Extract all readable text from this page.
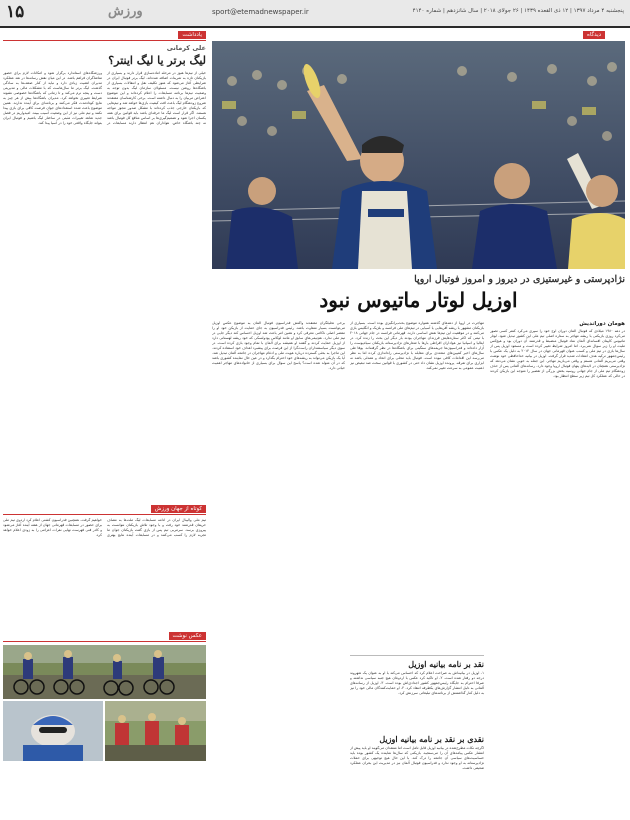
۱۵	ورزش	sport@etemadnewspaper.ir	پنجشنبه ۴ مرداد ۱۳۹۷ | ۱۲ ذی القعده ۱۴۳۹ | ۲۶ جولای ۲۰۱۸ | سال شانزدهم | شماره ۴۱۴۰
یادداشت
علی کرمانی
لیگ برتر یا لیگ اینتر؟

خیلی از تیم‌ها هنوز در مرحله آماده‌سازی قرار دارند و بسیاری از بازیکنان تازه به تمرینات اضافه شده‌اند. لیگ برتر فوتبال ایران در شرایطی آغاز می‌شود که هنوز تکلیف نقل و انتقالات بسیاری از باشگاه‌ها روشن نیست. مسئولان سازمان لیگ بدون توجه به وضعیت تیم‌ها برنامه مسابقات را اعلام کرده‌اند و این موضوع اعتراض مربیان را به دنبال داشته است. برخی کارشناسان معتقدند شروع زودهنگام لیگ باعث افت کیفیت بازی‌ها خواهد شد و تیم‌هایی که بازیکنان خارجی جذب کرده‌اند با مشکل صدور مجوز مواجه هستند. اگر قرار است لیگ ما حرفه‌ای باشد باید قوانین برای همه یکسان اجرا شود و تصمیم‌گیری‌ها بر اساس منافع کل فوتبال باشد نه چند باشگاه خاص. هواداران هم انتظار دارند مسابقات در ورزشگاه‌های استاندارد برگزار شود و امکانات لازم برای حضور تماشاگران فراهم باشد. در این میان نقش رسانه‌ها در نقد عملکرد مدیران اهمیت زیادی دارد و نباید از کنار ضعف‌ها به سادگی گذشت. لیگ برتر ما سال‌هاست که با مشکلات مالی و مدیریتی دست و پنجه نرم می‌کند و تا زمانی که باشگاه‌ها خصوصی نشوند شرایط تغییری نخواهد کرد. مدیران باشگاه‌ها بیش از هر چیز به نتایج کوتاه‌مدت فکر می‌کنند و برنامه‌ای برای آینده ندارند. همین موضوع باعث شده استعدادهای جوان فرصت کافی برای بازی پیدا نکنند و تیم ملی نیز از این وضعیت آسیب ببیند. امیدواریم در فصل جدید شاهد تغییرات مثبتی در ساختار لیگ باشیم و فوتبال ایران بتواند جایگاه واقعی خود را در آسیا پیدا کند.

کوتاه از جهان ورزش

تیم ملی والیبال ایران در ادامه مسابقات لیگ ملت‌ها به مصاف حریفان قدرتمند خود رفت و با وجود تلاش بازیکنان نتوانست به پیروزی برسد. سرمربی تیم پس از بازی گفت بازیکنان جوان ما تجربه لازم را کسب می‌کنند و در مسابقات آینده نتایج بهتری خواهیم گرفت. همچنین فدراسیون کشتی اعلام کرد اردوی تیم ملی برای حضور در مسابقات قهرمانی جهان از هفته آینده آغاز می‌شود و کادر فنی فهرست نهایی نفرات اعزامی را به زودی اعلام خواهد کرد.

عکس نوشت
دیدگاه
نژادپرستی و غیرستیزی در دیروز و امروز فوتبال اروپا
اوزیل لوتار ماتیوس نبود
هومان دورانديش

در دهه ۱۹۸۰ میلادی که فوتبال آلمان دوران اوج خود را سپری می‌کرد کمتر کسی تصور می‌کرد روزی بازیکنی با ریشه مهاجر به ستاره اصلی تیم ملی این کشور تبدیل شود. لوتار ماتیوس کاپیتان افسانه‌ای آلمان نماد فوتبال منضبط و قدرتمند آن دوران بود و هیچ‌کس ملیت او را زیر سوال نمی‌برد. اما امروز شرایط تغییر کرده است و مسعود اوزیل پس از سال‌ها بازی در تیم ملی و کسب عنوان قهرمانی جهان در سال ۲۰۱۴ به دلیل یک عکس با رئیس‌جمهور ترکیه هدف انتقادات شدید قرار گرفت. اوزیل در بیانیه خداحافظی خود نوشت وقتی می‌بریم آلمانی هستم و وقتی می‌بازیم مهاجر. این جمله به خوبی نشان می‌دهد که نژادپرستی همچنان در لایه‌های پنهان فوتبال اروپا وجود دارد. رسانه‌های آلمانی پس از حذف زودهنگام تیم ملی از جام جهانی روسیه بخش بزرگی از تقصیر را متوجه این بازیکن کردند در حالی که عملکرد کل تیم زیر سطح انتظار بود.

مهاجرت در اروپا از دهه‌های گذشته همواره موضوع بحث‌برانگیزی بوده است. بسیاری از بازیکنان مشهور با ریشه آفریقایی یا آسیایی در تیم‌های ملی فرانسه و بلژیک و انگلیس بازی می‌کنند و در موفقیت این تیم‌ها نقش اساسی دارند. قهرمانی فرانسه در جام جهانی ۲۰۱۸ با تیمی که اکثر ستاره‌هایش فرزندان مهاجران بودند بار دیگر این بحث را زنده کرد. در ایتالیا و اسپانیا نیز هواداران افراطی بارها با شعارهای نژادپرستانه بازیکنان سیاه‌پوست را آزار داده‌اند و فدراسیون‌ها جریمه‌های سنگینی برای باشگاه‌ها در نظر گرفته‌اند. یوفا طی سال‌های اخیر کمپین‌های متعددی برای مقابله با نژادپرستی راه‌اندازی کرده اما به نظر می‌رسد این اقدامات کافی نبوده است. فوتبال باید محلی برای اتحاد و همدلی باشد نه ابزاری برای تفرقه. پرونده اوزیل نشان داد حتی در کشوری با قوانین سخت ضد تبعیض نیز ذهنیت عمومی به سرعت تغییر نمی‌کند.

برخی تحلیلگران معتقدند واکنش فدراسیون فوتبال آلمان به موضوع عکس اوزیل می‌توانست بسیار متفاوت باشد. رئیس فدراسیون به جای حمایت از بازیکن خود او را مقصر اصلی ناکامی معرفی کرد و همین امر باعث شد اوزیل احساس کند دیگر جایی در تیم ملی ندارد. هم‌تیمی‌های سابق او مانند لوکاس پودولسکی که خود ریشه لهستانی دارد از اوزیل حمایت کردند و گفتند او همیشه برای آلمان با تمام وجود بازی کرده است. در سوی دیگر سیاستمداران راست‌گرا از این فرصت برای پیشبرد اهداف خود استفاده کردند. این ماجرا به بحثی گسترده درباره هویت ملی و ادغام مهاجران در جامعه آلمان تبدیل شد. آیا یک بازیکن می‌تواند به ریشه‌های خود احترام بگذارد و در عین حال نماینده کشوری باشد که در آن متولد شده است؟ پاسخ این سوال برای بسیاری از خانواده‌های مهاجر اهمیت حیاتی دارد.

نقد بر نامه بیانیه اوزیل

۱- اوزیل در بیانیه‌اش به صراحت اعلام کرد که احساس می‌کند با او به عنوان یک شهروند درجه دو رفتار شده است. ۲- او تاکید کرد عکس با اردوغان هیچ جنبه سیاسی نداشته و صرفا احترام به جایگاه رئیس‌جمهور کشور اجدادی‌اش بوده است. ۳- اوزیل از رسانه‌های آلمانی به دلیل انتشار گزارش‌های یکطرفه انتقاد کرد. ۴- او حمایت‌کنندگان مالی خود را نیز به دلیل کنار گذاشتنش از برنامه‌های تبلیغاتی سرزنش کرد.

نقدی بر نقد بر نامه بیانیه اوزیل

اگرچه نکات مطرح‌شده در بیانیه اوزیل قابل تامل است اما منتقدان می‌گویند او باید پیش از انتشار عکس پیامدهای آن را می‌سنجید. بازیکنی که سال‌ها نماینده یک کشور بوده باید حساسیت‌های سیاسی آن جامعه را درک کند. با این حال هیچ توجیهی برای حملات نژادپرستانه به او وجود ندارد و فدراسیون فوتبال آلمان نیز در مدیریت این بحران عملکرد ضعیفی داشت.
